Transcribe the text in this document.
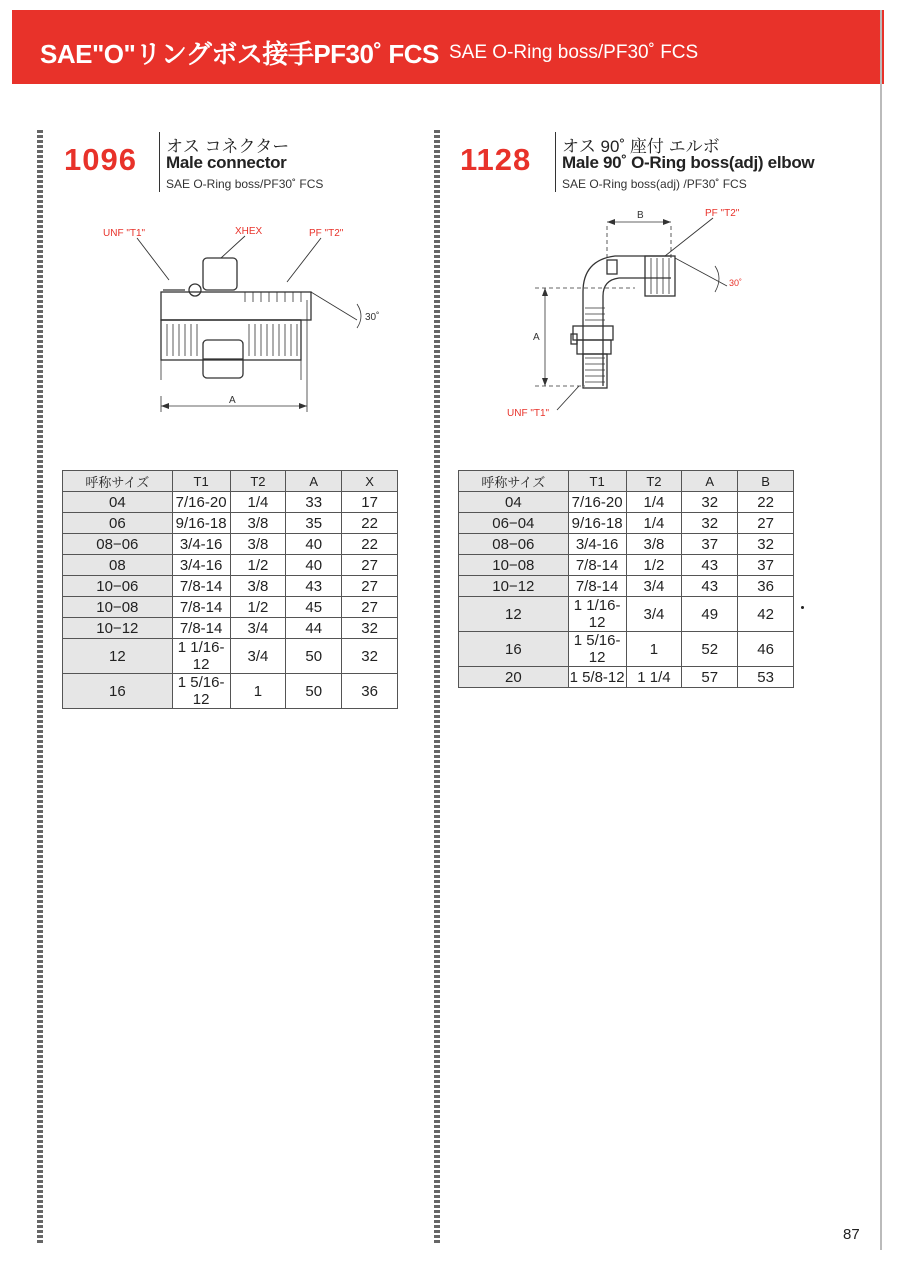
SAE"O"リングボス接手PF30˚ FCS SAE O-Ring boss/PF30˚ FCS
1096 オス コネクター
Male connector
SAE O-Ring boss/PF30˚ FCS
UNF "T1"	XHEX	PF "T2"
30˚
A
呼称サイズ	T1	T2	A	X
04	7/16-20	1/4	33	17
06	9/16-18	3/8	35	22
08−06	3/4-16	3/8	40	22
08	3/4-16	1/2	40	27
10−06	7/8-14	3/8	43	27
10−08	7/8-14	1/2	45	27
10−12	7/8-14	3/4	44	32
12	1 1/16-12	3/4	50	32
16	1 5/16-12	1	50	36
1128 オス 90˚ 座付 エルボ
Male 90˚ O-Ring boss(adj) elbow
SAE O-Ring boss(adj) /PF30˚ FCS
B	PF "T2"
30˚
A
UNF "T1"
呼称サイズ	T1	T2	A	B
04	7/16-20	1/4	32	22
06−04	9/16-18	1/4	32	27
08−06	3/4-16	3/8	37	32
10−08	7/8-14	1/2	43	37
10−12	7/8-14	3/4	43	36
12	1 1/16-12	3/4	49	42
16	1 5/16-12	1	52	46
20	1 5/8-12	1 1/4	57	53
87
